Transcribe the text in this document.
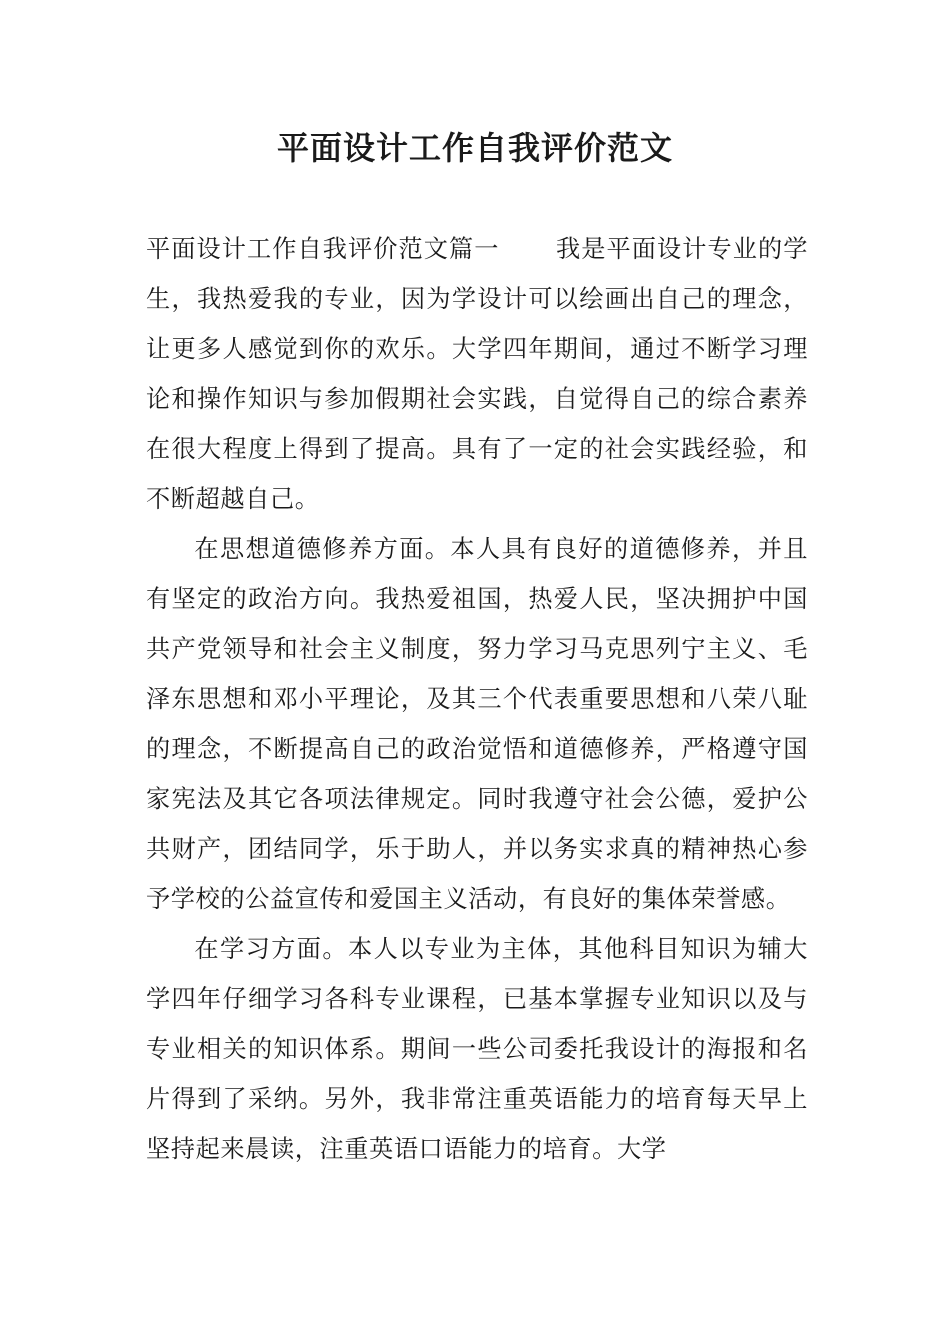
平面设计工作自我评价范文

平面设计工作自我评价范文篇一 我是平面设计专业的学生，我热爱我的专业，因为学设计可以绘画出自己的理念，让更多人感觉到你的欢乐。大学四年期间，通过不断学习理论和操作知识与参加假期社会实践，自觉得自己的综合素养在很大程度上得到了提高。具有了一定的社会实践经验，和不断超越自己。

在思想道德修养方面。本人具有良好的道德修养，并且有坚定的政治方向。我热爱祖国，热爱人民，坚决拥护中国共产党领导和社会主义制度，努力学习马克思列宁主义、毛泽东思想和邓小平理论，及其三个代表重要思想和八荣八耻的理念，不断提高自己的政治觉悟和道德修养，严格遵守国家宪法及其它各项法律规定。同时我遵守社会公德，爱护公共财产，团结同学，乐于助人，并以务实求真的精神热心参予学校的公益宣传和爱国主义活动，有良好的集体荣誉感。

在学习方面。本人以专业为主体，其他科目知识为辅大学四年仔细学习各科专业课程，已基本掌握专业知识以及与专业相关的知识体系。期间一些公司委托我设计的海报和名片得到了采纳。另外，我非常注重英语能力的培育每天早上坚持起来晨读，注重英语口语能力的培育。大学
